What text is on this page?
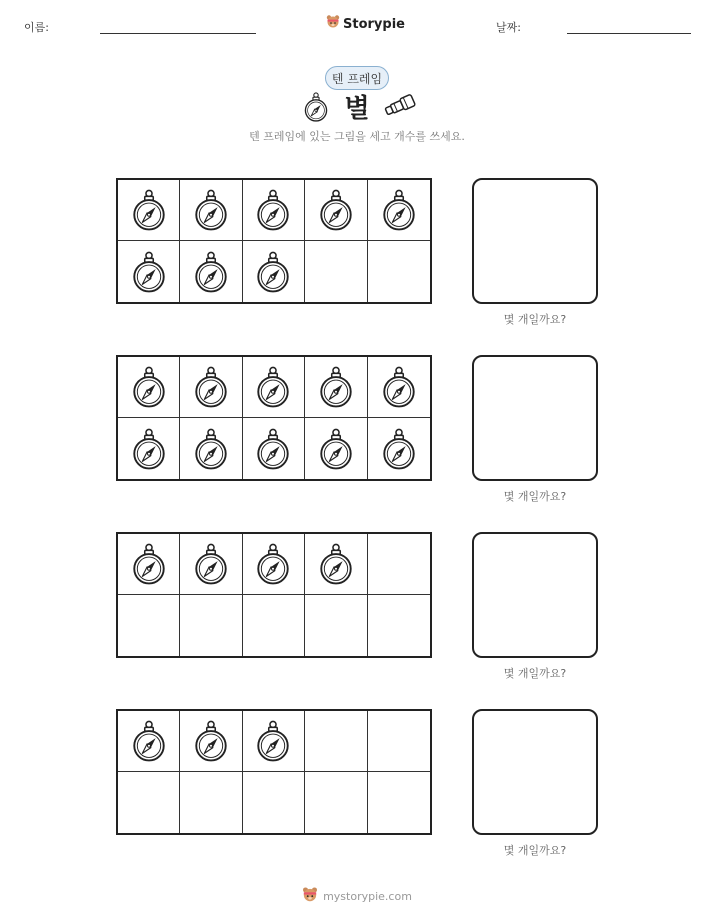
이름:	Storypie	날짜:
텐 프레임
별
텐 프레임에 있는 그림을 세고 개수를 쓰세요.
몇 개일까요?
몇 개일까요?
몇 개일까요?
몇 개일까요?
mystorypie.com
